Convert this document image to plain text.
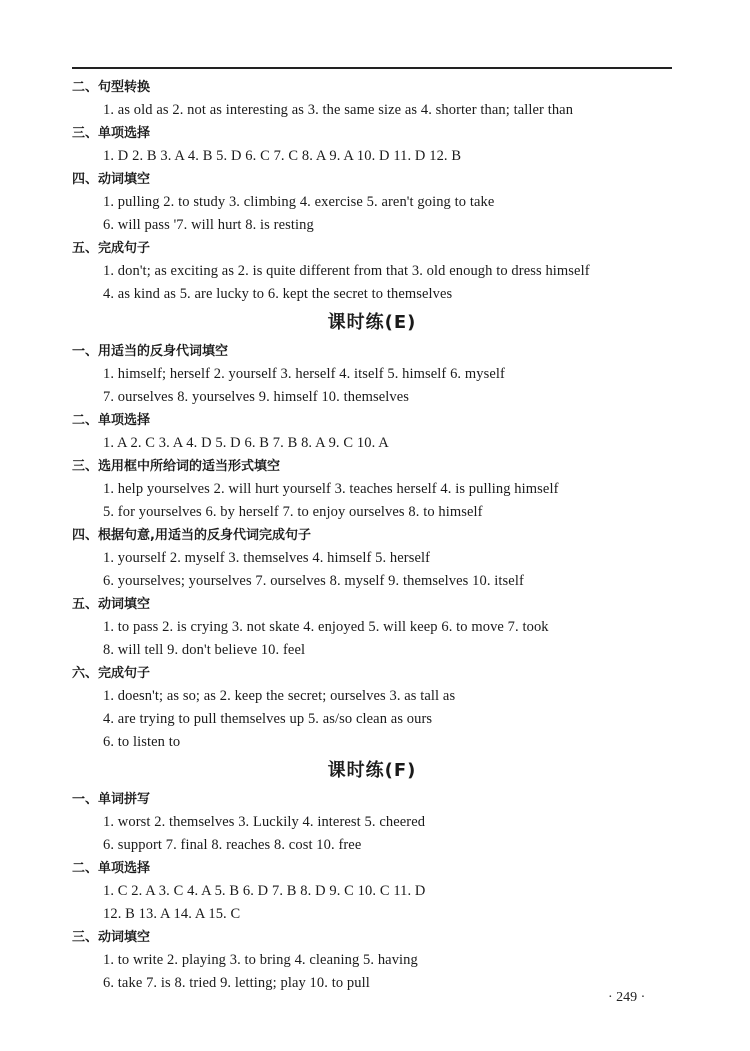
二、句型转换
1. as old as 2. not as interesting as 3. the same size as 4. shorter than; taller than
三、单项选择
1. D 2. B 3. A 4. B 5. D 6. C 7. C 8. A 9. A 10. D 11. D 12. B
四、动词填空
1. pulling 2. to study 3. climbing 4. exercise 5. aren't going to take
6. will pass '7. will hurt 8. is resting
五、完成句子
1. don't; as exciting as 2. is quite different from that 3. old enough to dress himself
4. as kind as 5. are lucky to 6. kept the secret to themselves
课时练(E)
一、用适当的反身代词填空
1. himself; herself 2. yourself 3. herself 4. itself 5. himself 6. myself
7. ourselves 8. yourselves 9. himself 10. themselves
二、单项选择
1. A 2. C 3. A 4. D 5. D 6. B 7. B 8. A 9. C 10. A
三、选用框中所给词的适当形式填空
1. help yourselves 2. will hurt yourself 3. teaches herself 4. is pulling himself
5. for yourselves 6. by herself 7. to enjoy ourselves 8. to himself
四、根据句意,用适当的反身代词完成句子
1. yourself 2. myself 3. themselves 4. himself 5. herself
6. yourselves; yourselves 7. ourselves 8. myself 9. themselves 10. itself
五、动词填空
1. to pass 2. is crying 3. not skate 4. enjoyed 5. will keep 6. to move 7. took
8. will tell 9. don't believe 10. feel
六、完成句子
1. doesn't; as so; as 2. keep the secret; ourselves 3. as tall as
4. are trying to pull themselves up 5. as/so clean as ours
6. to listen to
课时练(F)
一、单词拼写
1. worst 2. themselves 3. Luckily 4. interest 5. cheered
6. support 7. final 8. reaches 8. cost 10. free
二、单项选择
1. C 2. A 3. C 4. A 5. B 6. D 7. B 8. D 9. C 10. C 11. D
12. B 13. A 14. A 15. C
三、动词填空
1. to write 2. playing 3. to bring 4. cleaning 5. having
6. take 7. is 8. tried 9. letting; play 10. to pull
· 249 ·
